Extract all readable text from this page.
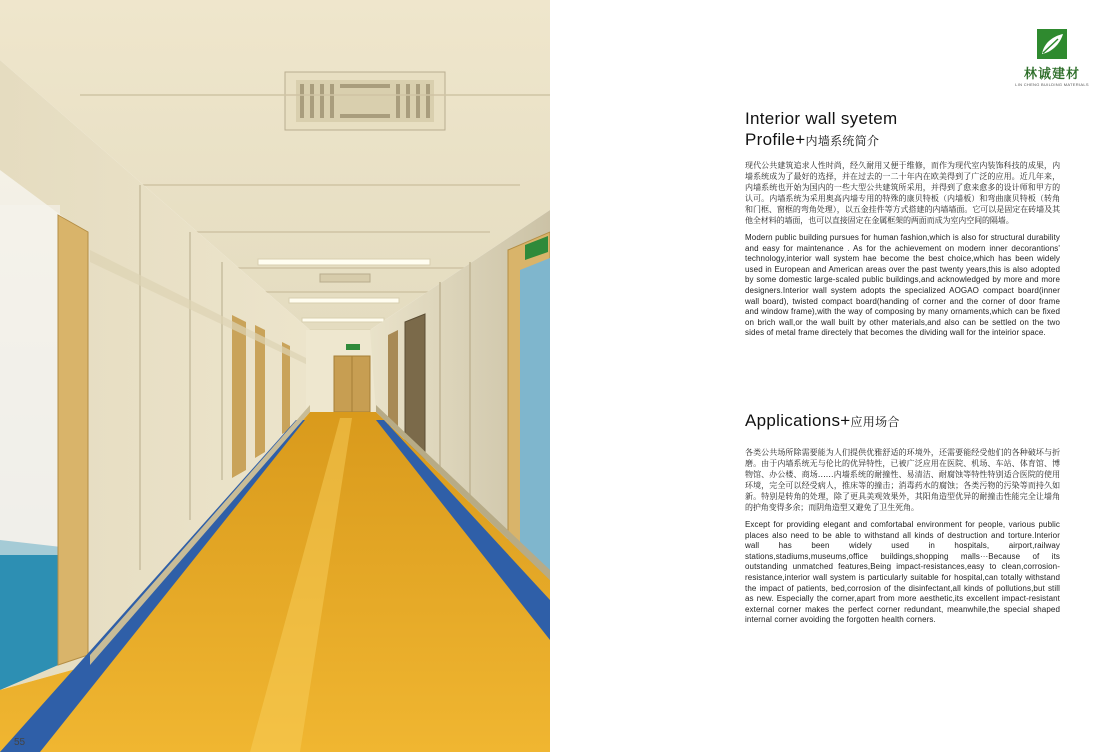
55
林诚建材
LIN CHENG BUILDING MATERIALS
Interior wall syetem
Profile+内墙系统简介
现代公共建筑追求人性时尚，经久耐用又便于维修，而作为现代室内装饰科技的成果，内墙系统成为了最好的选择，并在过去的一二十年内在欧美得到了广泛的应用。近几年来，内墙系统也开始为国内的一些大型公共建筑所采用，并得到了愈来愈多的设计师和甲方的认可。内墙系统为采用奥高内墙专用的特殊的康贝特板（内墙板）和弯曲康贝特板（转角和门框、窗框的弯角处理），以五金挂件等方式搭建的内墙墙面。它可以是固定在砖墙及其他全材料的墙面，也可以直接固定在金属框架的两面而成为室内空间的隔墙。
Modern public building pursues for human fashion,which is also for structural durability and easy for maintenance . As for the achievement on modern inner decorantions' technology,interior wall system hae become the best choice,which has been widely used in European and American areas over the past twenty years,this is also adopted by some domestic large-scaled public buildings,and acknowledged by more and more designers.Interior wall system adopts the specialized AOGAO compact board(inner wall board), twisted compact board(handing of corner and the corner of door frame and window frame),with the way of composing by many ornaments,which can be fixed on brich wall,or the wall built by other materials,and also can be settled on the two sides of metal frame directely that becomes the dividing wall for the inteirior space.
Applications+应用场合
各类公共场所除需要能为人们提供优雅舒适的环境外，还需要能经受他们的各种破坏与折磨。由于内墙系统无与伦比的优异特性，已被广泛应用在医院、机场、车站、体育馆、博物馆、办公楼、商场……内墙系统的耐撞性、易清洁、耐腐蚀等特性特别适合医院的使用环境，完全可以经受病人，推床等的撞击；消毒药水的腐蚀；各类污物的污染等而持久如新。特别是转角的处理，除了更具美观效果外，其阳角造型优异的耐撞击性能完全让墙角的护角变得多余；而阴角造型又避免了卫生死角。
Except for providing elegant and comfortabal environment for people, various public places also need to be able to withstand all kinds of destruction and torture.Interior wall has been widely used in hospitals, airport,railway stations,stadiums,museums,office buildings,shopping malls···Because of its outstanding unmatched features,Being impact-resistances,easy to clean,corrosion-resistance,interior wall system is particularly suitable for hospital,can totally withstand the impact of patients, bed,corrosion of the disinfectant,all kinds of pollutions,but still as new. Especially the corner,apart from more aesthetic,its excellent impact-resistant external corner makes the perfect corner redundant, meanwhile,the special shaped internal corner avoiding the forgotten health corners.
